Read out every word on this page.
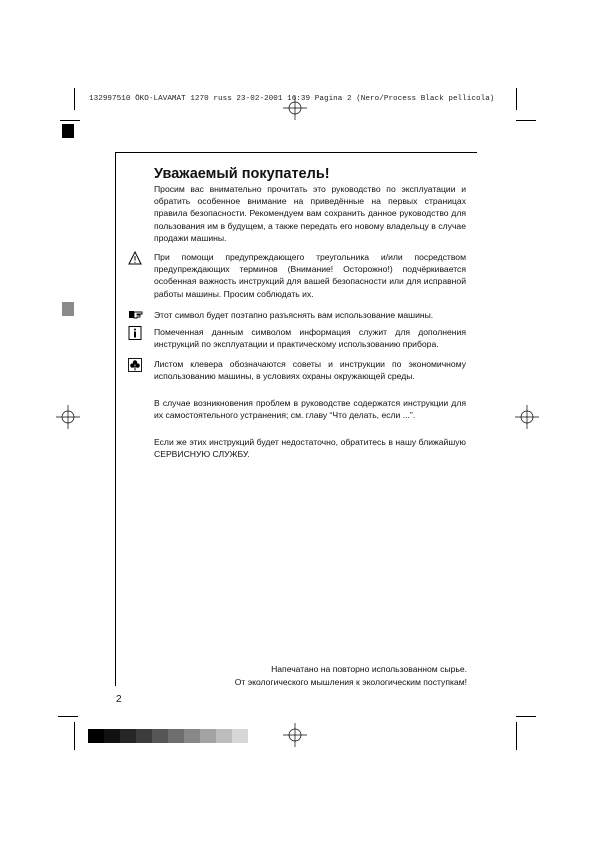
132997510 ÖKO-LAVAMAT 1270 russ 23-02-2001 16:39 Pagina 2 (Nero/Process Black pellicola)
Уважаемый покупатель!
Просим вас внимательно прочитать это руководство по эксплуатации и обратить особенное внимание на приведённые на первых страницах правила безопасности. Рекомендуем вам сохранить данное руководство для пользования им в будущем, а также передать его новому владельцу в случае продажи машины.
При помощи предупреждающего треугольника и/или посредством предупреждающих терминов (Внимание! Осторожно!) подчёркивается особенная важность инструкций для вашей безопасности или для исправной работы машины. Просим соблюдать их.
Этот символ будет поэтапно разъяснять вам использование машины.
Помеченная данным символом информация служит для дополнения инструкций по эксплуатации и практическому использованию прибора.
Листом клевера обозначаются советы и инструкции по экономичному использованию машины, в условиях охраны окружающей среды.
В случае возникновения проблем в руководстве содержатся инструкции для их самостоятельного устранения; см. главу “Что делать, если ...”.
Если же этих инструкций будет недостаточно, обратитесь в нашу ближайшую СЕРВИСНУЮ СЛУЖБУ.
Напечатано на повторно использованном сырье.
От экологического мышления к экологическим поступкам!
2
